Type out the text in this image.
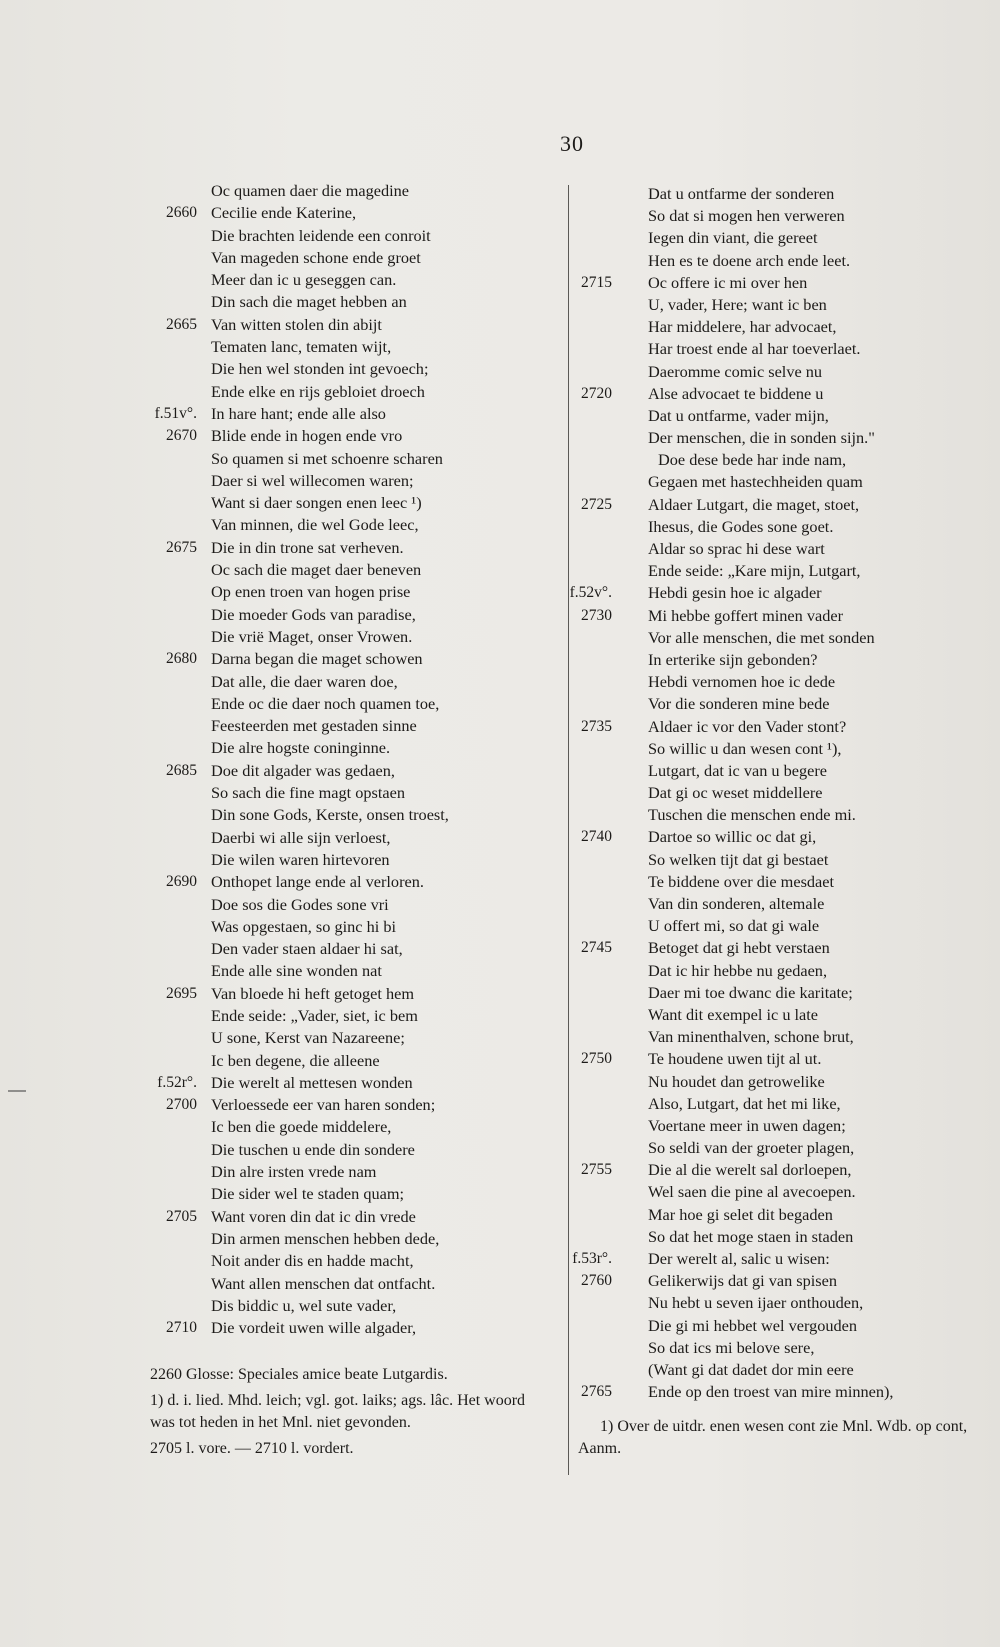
30
Oc quamen daer die magedine
2660 Cecilie ende Katerine,
Die brachten leidende een conroit
Van mageden schone ende groet
Meer dan ic u geseggen can.
Din sach die maget hebben an
2665 Van witten stolen din abijt
Tematen lanc, tematen wijt,
Die hen wel stonden int gevoech;
Ende elke en rijs gebloiet droech
f.51v°. In hare hant; ende alle also
2670 Blide ende in hogen ende vro
So quamen si met schoenre scharen
Daer si wel willecomen waren;
Want si daer songen enen leec ¹)
Van minnen, die wel Gode leec,
2675 Die in din trone sat verheven.
Oc sach die maget daer beneven
Op enen troen van hogen prise
Die moeder Gods van paradise,
Die vrië Maget, onser Vrowen.
2680 Darna began die maget schowen
Dat alle, die daer waren doe,
Ende oc die daer noch quamen toe,
Feesteerden met gestaden sinne
Die alre hogste coninginne.
2685 Doe dit algader was gedaen,
So sach die fine magt opstaen
Din sone Gods, Kerste, onsen troest,
Daerbi wi alle sijn verloest,
Die wilen waren hirtevoren
2690 Onthopet lange ende al verloren.
Doe sos die Godes sone vri
Was opgestaen, so ginc hi bi
Den vader staen aldaer hi sat,
Ende alle sine wonden nat
2695 Van bloede hi heft getoget hem
Ende seide: „Vader, siet, ic bem
U sone, Kerst van Nazareene;
Ic ben degene, die alleene
f.52r°. Die werelt al mettesen wonden
2700 Verloessede eer van haren sonden;
Ic ben die goede middelere,
Die tuschen u ende din sondere
Din alre irsten vrede nam
Die sider wel te staden quam;
2705 Want voren din dat ic din vrede
Din armen menschen hebben dede,
Noit ander dis en hadde macht,
Want allen menschen dat ontfacht.
Dis biddic u, wel sute vader,
2710 Die vordeit uwen wille algader,
Dat u ontfarme der sonderen
So dat si mogen hen verweren
Iegen din viant, die gereet
Hen es te doene arch ende leet.
2715 Oc offere ic mi over hen
U, vader, Here; want ic ben
Har middelere, har advocaet,
Har troest ende al har toeverlaet.
Daeromme comic selve nu
2720 Alse advocaet te biddene u
Dat u ontfarme, vader mijn,
Der menschen, die in sonden sijn."
Doe dese bede har inde nam,
Gegaen met hastechheiden quam
2725 Aldaer Lutgart, die maget, stoet,
Ihesus, die Godes sone goet.
Aldar so sprac hi dese wart
Ende seide: „Kare mijn, Lutgart,
f.52v°. Hebdi gesin hoe ic algader
2730 Mi hebbe goffert minen vader
Vor alle menschen, die met sonden
In erterike sijn gebonden?
Hebdi vernomen hoe ic dede
Vor die sonderen mine bede
2735 Aldaer ic vor den Vader stont?
So willic u dan wesen cont ¹),
Lutgart, dat ic van u begere
Dat gi oc weset middellere
Tuschen die menschen ende mi.
2740 Dartoe so willic oc dat gi,
So welken tijt dat gi bestaet
Te biddene over die mesdaet
Van din sonderen, altemale
U offert mi, so dat gi wale
2745 Betoget dat gi hebt verstaen
Dat ic hir hebbe nu gedaen,
Daer mi toe dwanc die karitate;
Want dit exempel ic u late
Van minenthalven, schone brut,
2750 Te houdene uwen tijt al ut.
Nu houdet dan getrowelike
Also, Lutgart, dat het mi like,
Voertane meer in uwen dagen;
So seldi van der groeter plagen,
2755 Die al die werelt sal dorloepen,
Wel saen die pine al avecoepen.
Mar hoe gi selet dit begaden
So dat het moge staen in staden
f.53r°. Der werelt al, salic u wisen:
2760 Gelikerwijs dat gi van spisen
Nu hebt u seven ijaer onthouden,
Die gi mi hebbet wel vergouden
So dat ics mi belove sere,
(Want gi dat dadet dor min eere
2765 Ende op den troest van mire minnen),

2260 Glosse: Speciales amice beate Lutgardis.

1) d. i. lied. Mhd. leich; vgl. got. laiks; ags. lâc. Het woord was tot heden in het Mnl. niet gevonden.

2705 l. vore. — 2710 l. vordert.

1) Over de uitdr. enen wesen cont zie Mnl. Wdb. op cont, Aanm.
